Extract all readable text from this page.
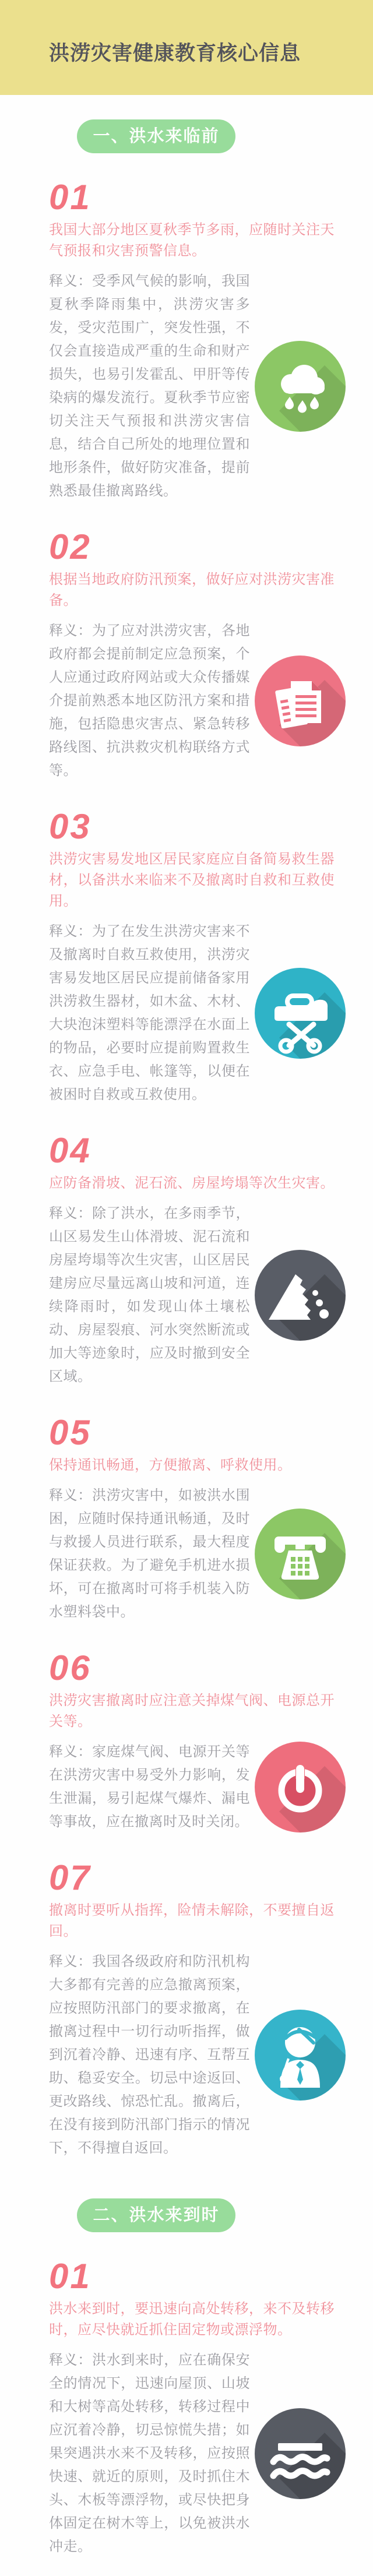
洪涝灾害健康教育核心信息
一、洪水来临前
01
我国大部分地区夏秋季节多雨，应随时关注天气预报和灾害预警信息。
释义：受季风气候的影响，我国夏秋季降雨集中，洪涝灾害多发，受灾范围广，突发性强，不仅会直接造成严重的生命和财产损失，也易引发霍乱、甲肝等传染病的爆发流行。夏秋季节应密切关注天气预报和洪涝灾害信息，结合自己所处的地理位置和地形条件，做好防灾准备，提前熟悉最佳撤离路线。
02
根据当地政府防汛预案，做好应对洪涝灾害准备。
释义：为了应对洪涝灾害，各地政府都会提前制定应急预案，个人应通过政府网站或大众传播媒介提前熟悉本地区防汛方案和措施，包括隐患灾害点、紧急转移路线图、抗洪救灾机构联络方式等。
03
洪涝灾害易发地区居民家庭应自备简易救生器材，以备洪水来临来不及撤离时自救和互救使用。
释义：为了在发生洪涝灾害来不及撤离时自救互救使用，洪涝灾害易发地区居民应提前储备家用洪涝救生器材，如木盆、木材、大块泡沫塑料等能漂浮在水面上的物品，必要时应提前购置救生衣、应急手电、帐篷等，以便在被困时自救或互救使用。
04
应防备滑坡、泥石流、房屋垮塌等次生灾害。
释义：除了洪水，在多雨季节，山区易发生山体滑坡、泥石流和房屋垮塌等次生灾害，山区居民建房应尽量远离山坡和河道，连续降雨时，如发现山体土壤松动、房屋裂痕、河水突然断流或加大等迹象时，应及时撤到安全区域。
05
保持通讯畅通，方便撤离、呼救使用。
释义：洪涝灾害中，如被洪水围困，应随时保持通讯畅通，及时与救援人员进行联系，最大程度保证获救。为了避免手机进水损坏，可在撤离时可将手机装入防水塑料袋中。
06
洪涝灾害撤离时应注意关掉煤气阀、电源总开关等。
释义：家庭煤气阀、电源开关等在洪涝灾害中易受外力影响，发生泄漏，易引起煤气爆炸、漏电等事故，应在撤离时及时关闭。
07
撤离时要听从指挥，险情未解除，不要擅自返回。
释义：我国各级政府和防汛机构大多都有完善的应急撤离预案，应按照防汛部门的要求撤离，在撤离过程中一切行动听指挥，做到沉着冷静、迅速有序、互帮互助、稳妥安全。切忌中途返回、更改路线、惊恐忙乱。撤离后，在没有接到防汛部门指示的情况下，不得擅自返回。
二、洪水来到时
01
洪水来到时，要迅速向高处转移，来不及转移时，应尽快就近抓住固定物或漂浮物。
释义：洪水到来时，应在确保安全的情况下，迅速向屋顶、山坡和大树等高处转移，转移过程中应沉着冷静，切忌惊慌失措；如果突遇洪水来不及转移，应按照快速、就近的原则，及时抓住木头、木板等漂浮物，或尽快把身体固定在树木等上，以免被洪水冲走。
